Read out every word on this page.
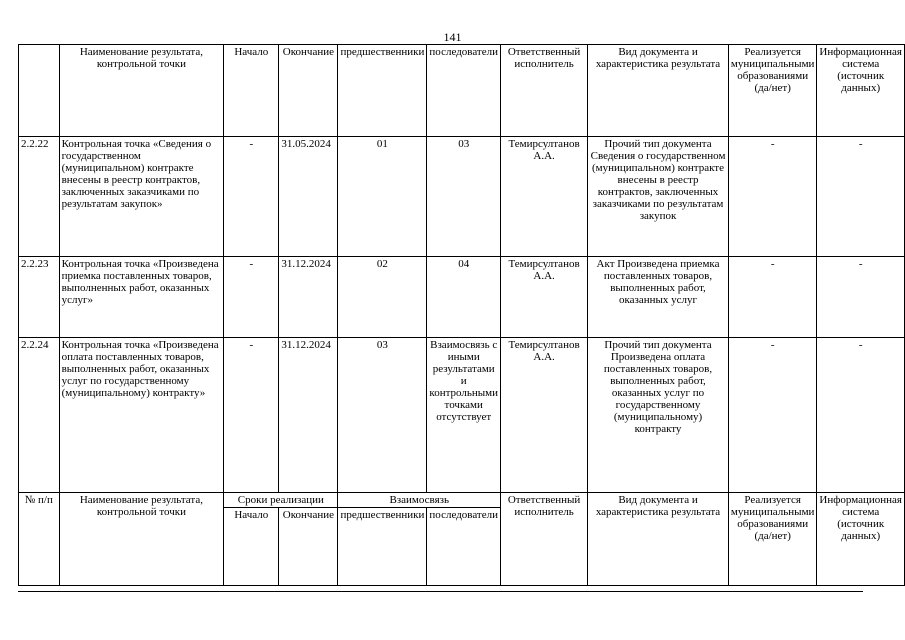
141
	Наименование результата, контрольной точки	Начало	Окончание	предшественники	последователи	Ответственный исполнитель	Вид документа и характеристика результата	Реализуется муниципальными образованиями (да/нет)	Информационная система (источник данных)
2.2.22	Контрольная точка «Сведения о государственном (муниципальном) контракте внесены в реестр контрактов, заключенных заказчиками по результатам закупок»	-	31.05.2024	01	03	Темирсултанов А.А.	Прочий тип документа Сведения о государственном (муниципальном) контракте внесены в реестр контрактов, заключенных заказчиками по результатам закупок	-	-
2.2.23	Контрольная точка «Произведена приемка поставленных товаров, выполненных работ, оказанных услуг»	-	31.12.2024	02	04	Темирсултанов А.А.	Акт Произведена приемка поставленных товаров, выполненных работ, оказанных услуг	-	-
2.2.24	Контрольная точка «Произведена оплата поставленных товаров, выполненных работ, оказанных услуг по государственному (муниципальному) контракту»	-	31.12.2024	03	Взаимосвязь с иными результатами и контрольными точками отсутствует	Темирсултанов А.А.	Прочий тип документа Произведена оплата поставленных товаров, выполненных работ, оказанных услуг по государственному (муниципальному) контракту	-	-
№ п/п	Наименование результата, контрольной точки	Сроки реализации		Взаимосвязь		Ответственный исполнитель	Вид документа и характеристика результата	Реализуется муниципальными образованиями (да/нет)	Информационная система (источник данных)
		Начало	Окончание	предшественники	последователи				
